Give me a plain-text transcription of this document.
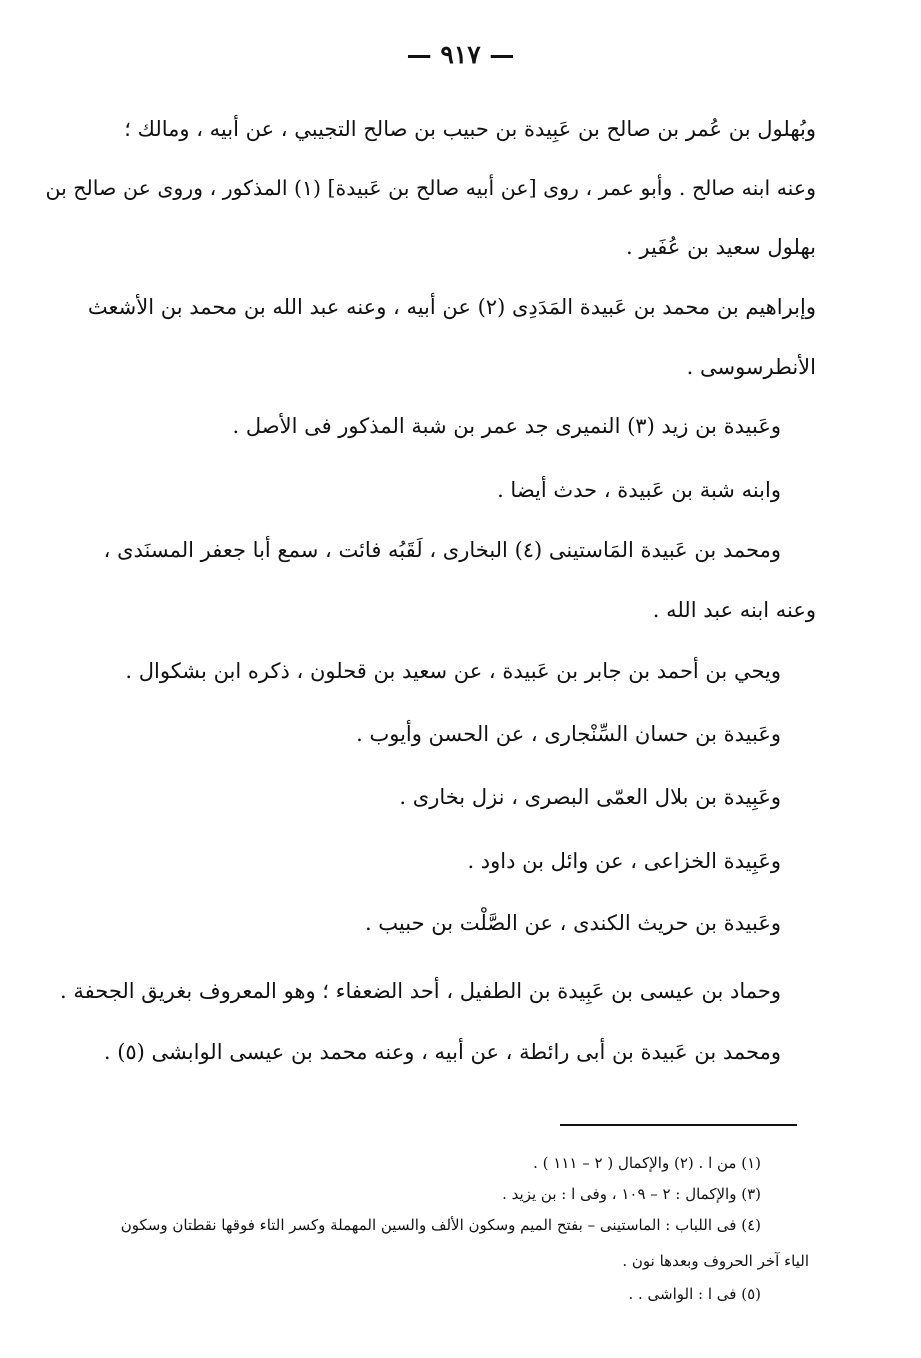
— ٩١٧ —
وبُهلول بن عُمر بن صالح بن عَبِيدة بن حبيب بن صالح التجيبي ، عن أبيه ، ومالك ؛
وعنه ابنه صالح . وأبو عمر ، روى [عن أبيه صالح بن عَبيدة] (١) المذكور ، وروى عن صالح بن
بهلول سعيد بن عُفَير .
وإبراهيم بن محمد بن عَبيدة المَدَدِى (٢) عن أبيه ، وعنه عبد الله بن محمد بن الأشعث
الأنطرسوسى .
وعَبيدة بن زيد (٣) النميرى جد عمر بن شبة المذكور فى الأصل .
وابنه شبة بن عَبيدة ، حدث أيضا .
ومحمد بن عَبيدة المَاستينى (٤) البخارى ، لَقَبُه فائت ، سمع أبا جعفر المسنَدى ،
وعنه ابنه عبد الله .
ويحي بن أحمد بن جابر بن عَبيدة ، عن سعيد بن قحلون ، ذكره ابن بشكوال .
وعَبيدة بن حسان السِّنْجارى ، عن الحسن وأيوب .
وعَبِيدة بن بلال العمّى البصرى ، نزل بخارى .
وعَبِيدة الخزاعى ، عن وائل بن داود .
وعَبيدة بن حريث الكندى ، عن الصَّلْت بن حبيب .
وحماد بن عيسى بن عَبِيدة بن الطفيل ، أحد الضعفاء ؛ وهو المعروف بغريق الجحفة .
ومحمد بن عَبيدة بن أبى رائطة ، عن أبيه ، وعنه محمد بن عيسى الوابشى (٥) .
(١) من ا . (٢) والإكمال ( ٢ – ١١١ ) .
(٣) والإكمال : ٢ – ١٠٩ ، وفى ا : بن يزيد .
(٤) فى اللباب : الماستينى – بفتح الميم وسكون الألف والسين المهملة وكسر التاء فوقها نقطتان وسكون
الياء آخر الحروف وبعدها نون .
(٥) فى ا : الواشى . .
